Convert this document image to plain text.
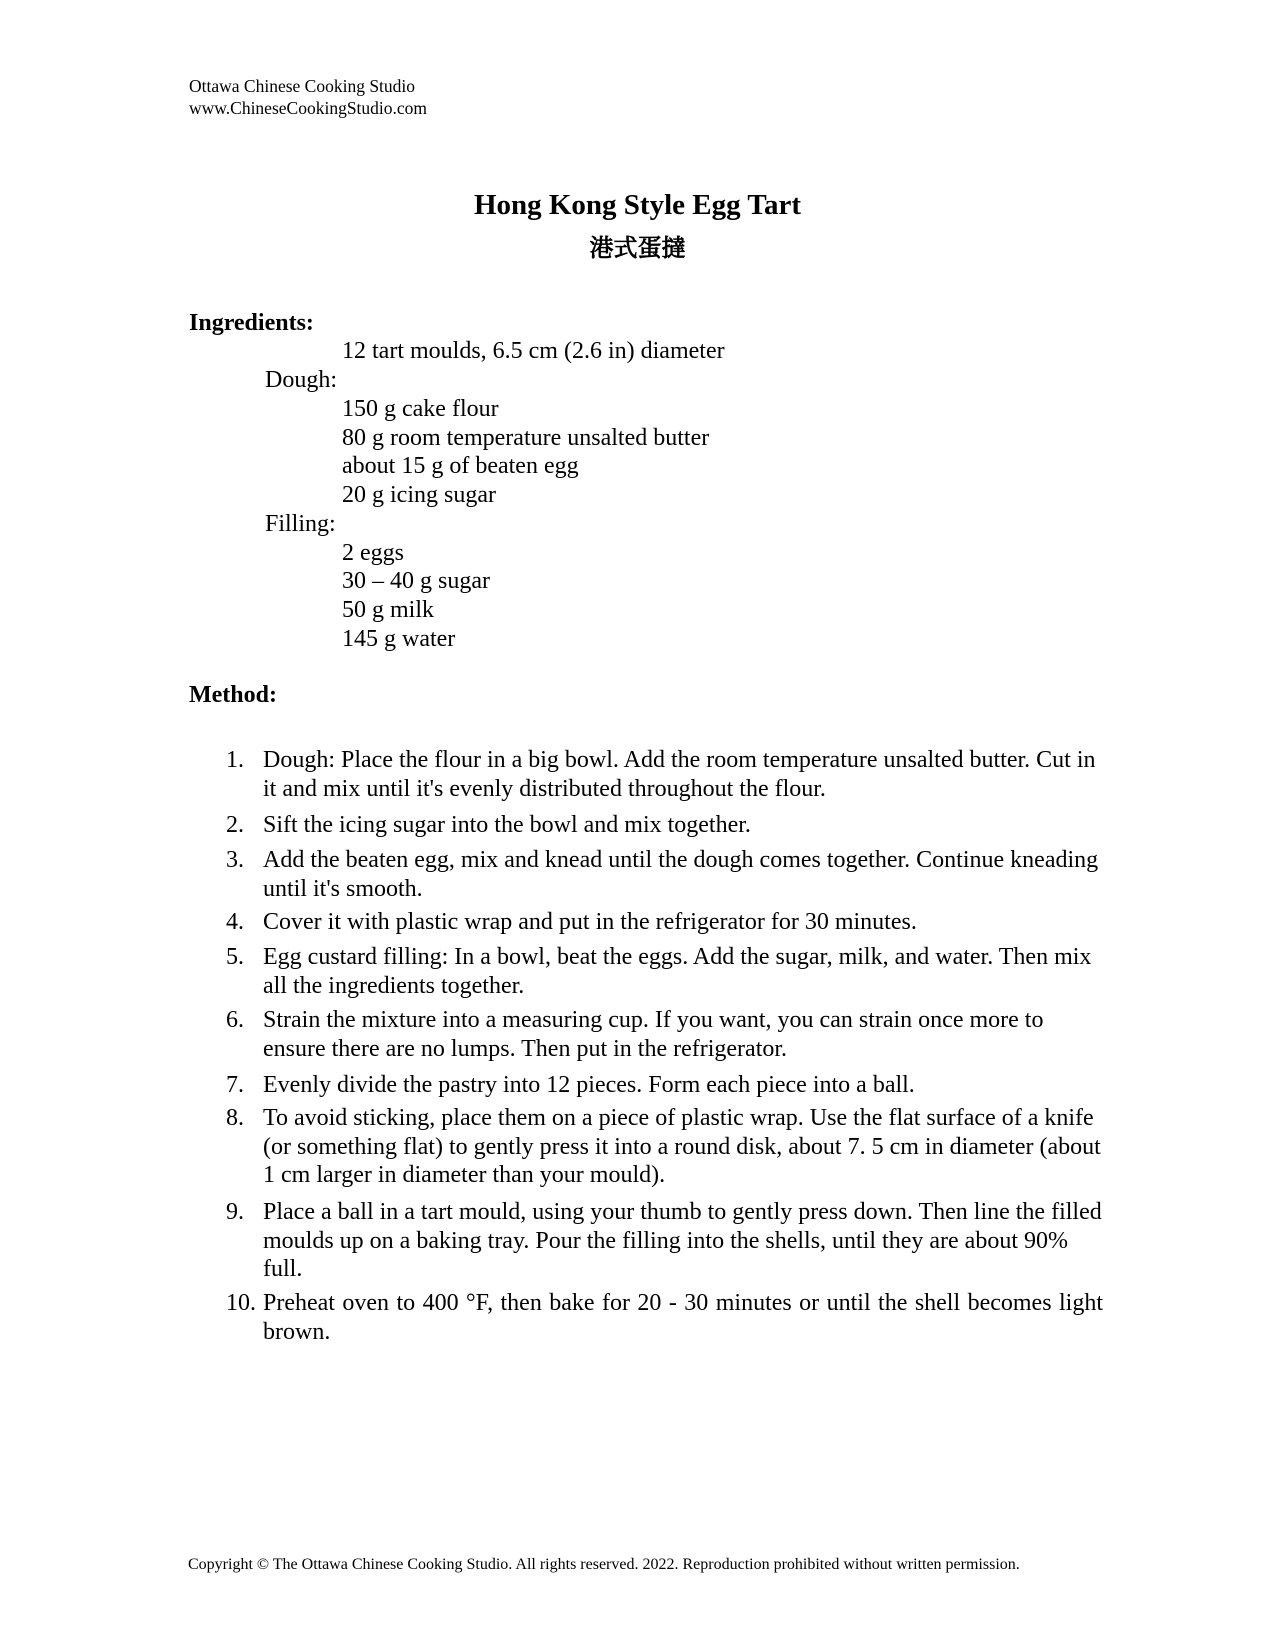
Ottawa Chinese Cooking Studio
www.ChineseCookingStudio.com
Hong Kong Style Egg Tart
港式蛋撻
Ingredients:
12 tart moulds, 6.5 cm (2.6 in) diameter
Dough:
150 g cake flour
80 g room temperature unsalted butter
about 15 g of beaten egg
20 g icing sugar
Filling:
2 eggs
30 – 40 g sugar
50 g milk
145 g water
Method:
1. Dough: Place the flour in a big bowl. Add the room temperature unsalted butter. Cut in it and mix until it's evenly distributed throughout the flour.
2. Sift the icing sugar into the bowl and mix together.
3. Add the beaten egg, mix and knead until the dough comes together. Continue kneading until it's smooth.
4. Cover it with plastic wrap and put in the refrigerator for 30 minutes.
5. Egg custard filling: In a bowl, beat the eggs. Add the sugar, milk, and water. Then mix all the ingredients together.
6. Strain the mixture into a measuring cup. If you want, you can strain once more to ensure there are no lumps. Then put in the refrigerator.
7. Evenly divide the pastry into 12 pieces. Form each piece into a ball.
8. To avoid sticking, place them on a piece of plastic wrap. Use the flat surface of a knife (or something flat) to gently press it into a round disk, about 7. 5 cm in diameter (about 1 cm larger in diameter than your mould).
9. Place a ball in a tart mould, using your thumb to gently press down. Then line the filled moulds up on a baking tray. Pour the filling into the shells, until they are about 90% full.
10. Preheat oven to 400 °F, then bake for 20 - 30 minutes or until the shell becomes light brown.
Copyright © The Ottawa Chinese Cooking Studio. All rights reserved. 2022. Reproduction prohibited without written permission.
